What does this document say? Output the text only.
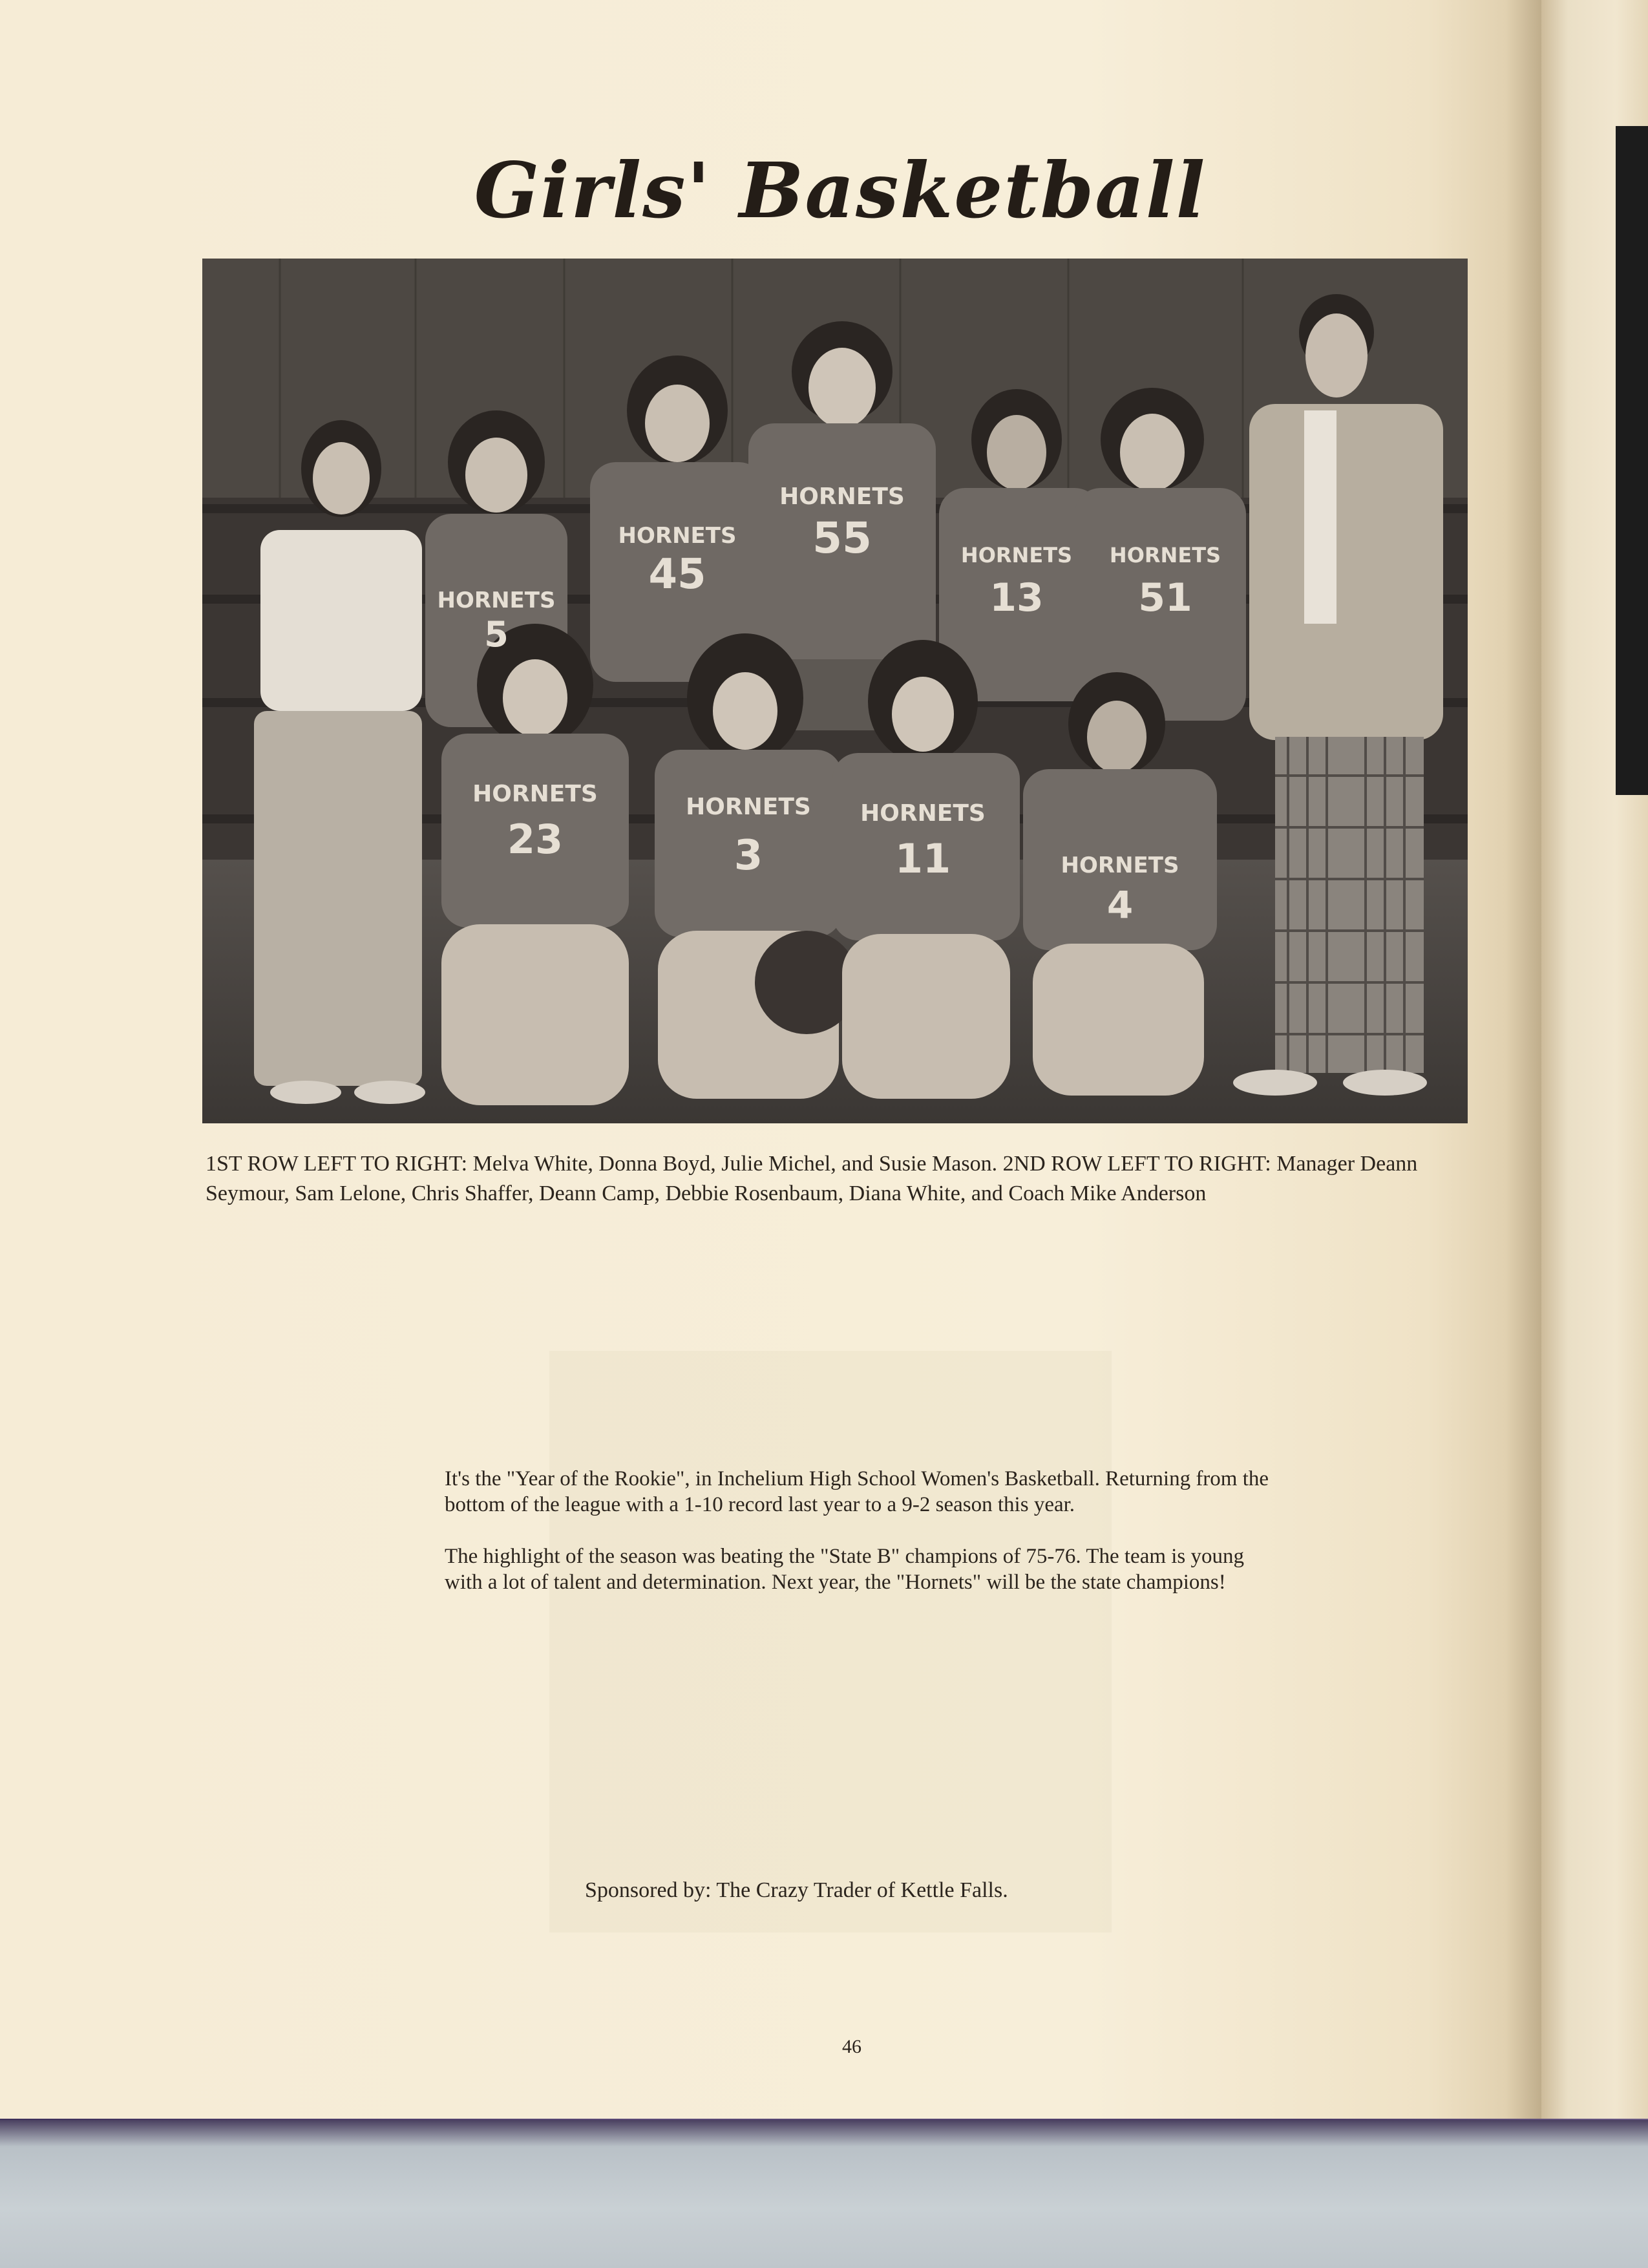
Girls' Basketball
HORNETS
5
HORNETS
45
HORNETS
55	HORNETS
13
HORNETS
51
HORNETS
23
HORNETS
3
HORNETS
11	HORNETS
4

1ST ROW LEFT TO RIGHT: Melva White, Donna Boyd, Julie Michel, and Susie Mason. 2ND ROW LEFT TO RIGHT: Manager Deann Seymour, Sam Lelone, Chris Shaffer, Deann Camp, Debbie Rosenbaum, Diana White, and Coach Mike Anderson

It's the "Year of the Rookie", in Inchelium High School Women's Basketball. Returning from the bottom of the league with a 1-10 record last year to a 9-2 season this year.

The highlight of the season was beating the "State B" champions of 75-76. The team is young with a lot of talent and determination. Next year, the "Hornets" will be the state champions!

Sponsored by: The Crazy Trader of Kettle Falls.
46
